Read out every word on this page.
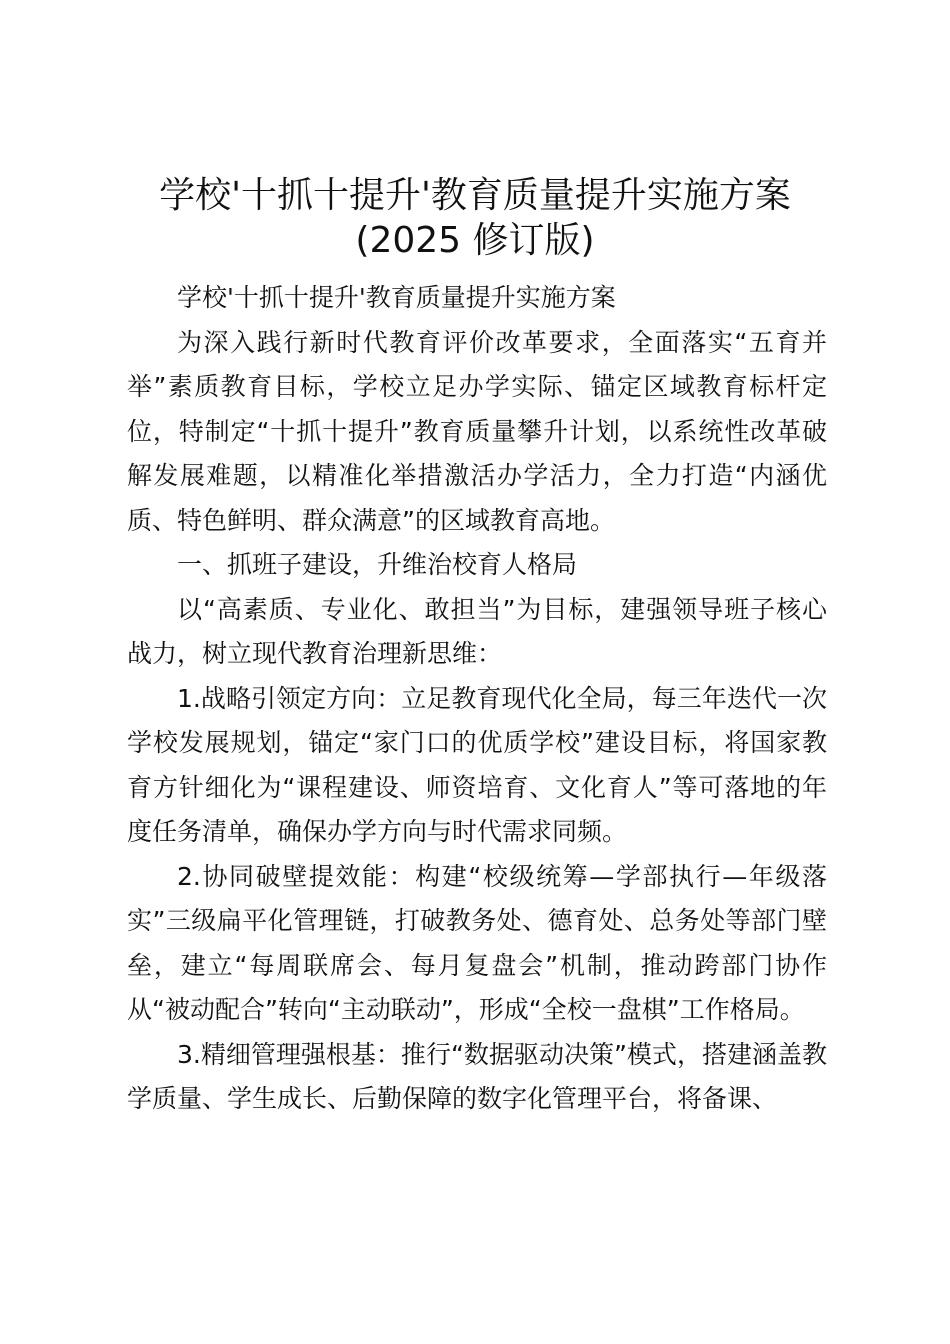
学校'十抓十提升'教育质量提升实施方案
(2025 修订版)

学校'十抓十提升'教育质量提升实施方案

为深入践行新时代教育评价改革要求，全面落实“五育并举”素质教育目标，学校立足办学实际、锚定区域教育标杆定位，特制定“十抓十提升”教育质量攀升计划，以系统性改革破解发展难题，以精准化举措激活办学活力，全力打造“内涵优质、特色鲜明、群众满意”的区域教育高地。

一、抓班子建设，升维治校育人格局

以“高素质、专业化、敢担当”为目标，建强领导班子核心战力，树立现代教育治理新思维：

1.战略引领定方向：立足教育现代化全局，每三年迭代一次学校发展规划，锚定“家门口的优质学校”建设目标，将国家教育方针细化为“课程建设、师资培育、文化育人”等可落地的年度任务清单，确保办学方向与时代需求同频。

2.协同破壁提效能：构建“校级统筹—学部执行—年级落实”三级扁平化管理链，打破教务处、德育处、总务处等部门壁垒，建立“每周联席会、每月复盘会”机制，推动跨部门协作从“被动配合”转向“主动联动”，形成“全校一盘棋”工作格局。

3.精细管理强根基：推行“数据驱动决策”模式，搭建涵盖教学质量、学生成长、后勤保障的数字化管理平台，将备课、
